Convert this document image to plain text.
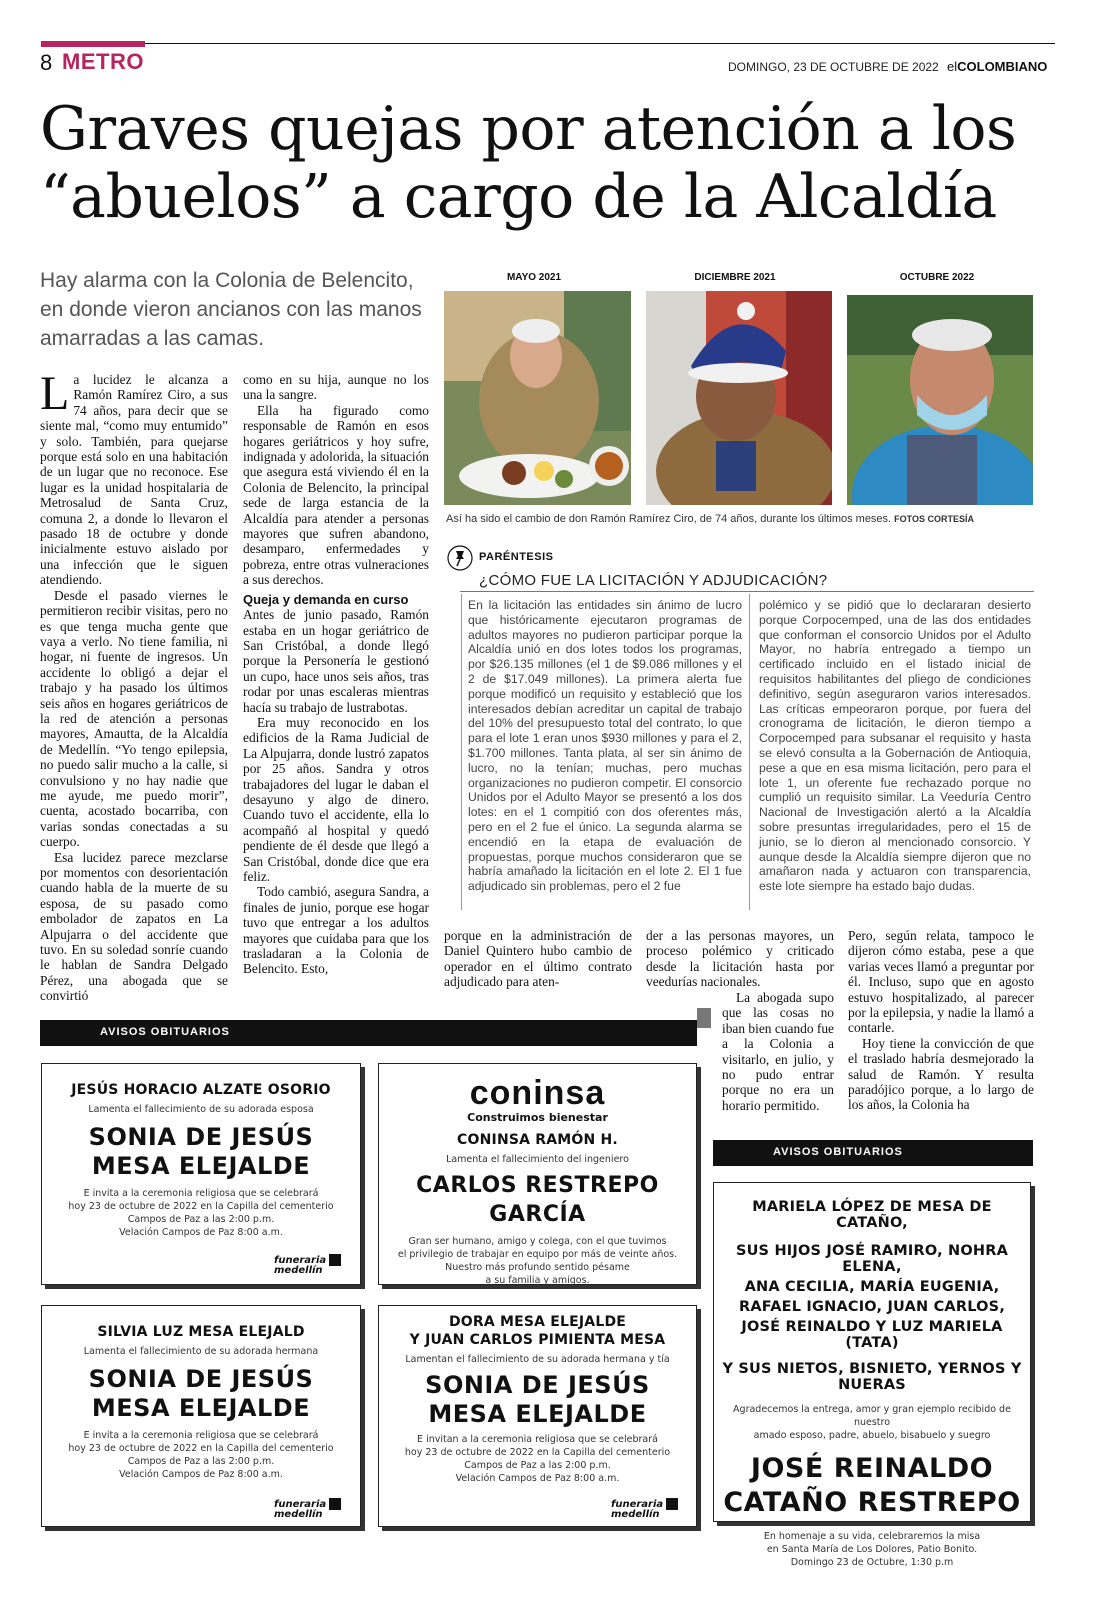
8 METRO	DOMINGO, 23 DE OCTUBRE DE 2022 elCOLOMBIANO
Graves quejas por atención a los “abuelos” a cargo de la Alcaldía
Hay alarma con la Colonia de Belencito, en donde vieron ancianos con las manos amarradas a las camas.

La lucidez le alcanza a Ramón Ramírez Ciro, a sus 74 años, para decir que se siente mal, “como muy entumido” y solo. También, para quejarse porque está solo en una habitación de un lugar que no reconoce. Ese lugar es la unidad hospitalaria de Metrosalud de Santa Cruz, comuna 2, a donde lo llevaron el pasado 18 de octubre y donde inicialmente estuvo aislado por una infección que le siguen atendiendo.

Desde el pasado viernes le permitieron recibir visitas, pero no es que tenga mucha gente que vaya a verlo. No tiene familia, ni hogar, ni fuente de ingresos. Un accidente lo obligó a dejar el trabajo y ha pasado los últimos seis años en hogares geriátricos de la red de atención a personas mayores, Amautta, de la Alcaldía de Medellín. “Yo tengo epilepsia, no puedo salir mucho a la calle, si convulsiono y no hay nadie que me ayude, me puedo morir”, cuenta, acostado bocarriba, con varias sondas conectadas a su cuerpo.

Esa lucidez parece mezclarse por momentos con desorientación cuando habla de la muerte de su esposa, de su pasado como embolador de zapatos en La Alpujarra o del accidente que tuvo. En su soledad sonríe cuando le hablan de Sandra Delgado Pérez, una abogada que se convirtió

como en su hija, aunque no los una la sangre.

Ella ha figurado como responsable de Ramón en esos hogares geriátricos y hoy sufre, indignada y adolorida, la situación que asegura está viviendo él en la Colonia de Belencito, la principal sede de larga estancia de la Alcaldía para atender a personas mayores que sufren abandono, desamparo, enfermedades y pobreza, entre otras vulneraciones a sus derechos.

Queja y demanda en curso

Antes de junio pasado, Ramón estaba en un hogar geriátrico de San Cristóbal, a donde llegó porque la Personería le gestionó un cupo, hace unos seis años, tras rodar por unas escaleras mientras hacía su trabajo de lustrabotas.

Era muy reconocido en los edificios de la Rama Judicial de La Alpujarra, donde lustró zapatos por 25 años. Sandra y otros trabajadores del lugar le daban el desayuno y algo de dinero. Cuando tuvo el accidente, ella lo acompañó al hospital y quedó pendiente de él desde que llegó a San Cristóbal, donde dice que era feliz.

Todo cambió, asegura Sandra, a finales de junio, porque ese hogar tuvo que entregar a los adultos mayores que cuidaba para que los trasladaran a la Colonia de Belencito. Esto,

MAYO 2021	DICIEMBRE 2021	OCTUBRE 2022
Así ha sido el cambio de don Ramón Ramírez Ciro, de 74 años, durante los últimos meses. FOTOS CORTESÍA
PARÉNTESIS
¿CÓMO FUE LA LICITACIÓN Y ADJUDICACIÓN?
En la licitación las entidades sin ánimo de lucro que históricamente ejecutaron programas de adultos mayores no pudieron participar porque la Alcaldía unió en dos lotes todos los programas, por $26.135 millones (el 1 de $9.086 millones y el 2 de $17.049 millones). La primera alerta fue porque modificó un requisito y estableció que los interesados debían acreditar un capital de trabajo del 10% del presupuesto total del contrato, lo que para el lote 1 eran unos $930 millones y para el 2, $1.700 millones. Tanta plata, al ser sin ánimo de lucro, no la tenían; muchas, pero muchas organizaciones no pudieron competir. El consorcio Unidos por el Adulto Mayor se presentó a los dos lotes: en el 1 compitió con dos oferentes más, pero en el 2 fue el único. La segunda alarma se encendió en la etapa de evaluación de propuestas, porque muchos consideraron que se habría amañado la licitación en el lote 2. El 1 fue adjudicado sin problemas, pero el 2 fue
polémico y se pidió que lo declararan desierto porque Corpocemped, una de las dos entidades que conforman el consorcio Unidos por el Adulto Mayor, no habría entregado a tiempo un certificado incluido en el listado inicial de requisitos habilitantes del pliego de condiciones definitivo, según aseguraron varios interesados. Las críticas empeoraron porque, por fuera del cronograma de licitación, le dieron tiempo a Corpocemped para subsanar el requisito y hasta se elevó consulta a la Gobernación de Antioquia, pese a que en esa misma licitación, pero para el lote 1, un oferente fue rechazado porque no cumplió un requisito similar. La Veeduría Centro Nacional de Investigación alertó a la Alcaldía sobre presuntas irregularidades, pero el 15 de junio, se lo dieron al mencionado consorcio. Y aunque desde la Alcaldía siempre dijeron que no amañaron nada y actuaron con transparencia, este lote siempre ha estado bajo dudas.

porque en la administración de Daniel Quintero hubo cambio de operador en el último contrato adjudicado para aten-

der a las personas mayores, un proceso polémico y criticado desde la licitación hasta por veedurías nacionales.

La abogada supo que las cosas no iban bien cuando fue a la Colonia a visitarlo, en julio, y no pudo entrar porque no era un horario permitido.

Pero, según relata, tampoco le dijeron cómo estaba, pese a que varias veces llamó a preguntar por él. Incluso, supo que en agosto estuvo hospitalizado, al parecer por la epilepsia, y nadie la llamó a contarle.

Hoy tiene la convicción de que el traslado habría desmejorado la salud de Ramón. Y resulta paradójico porque, a lo largo de los años, la Colonia ha

AVISOS OBITUARIOS
JESÚS HORACIO ALZATE OSORIO
Lamenta el fallecimiento de su adorada esposa
SONIA DE JESÚS
MESA ELEJALDE
E invita a la ceremonia religiosa que se celebrará
hoy 23 de octubre de 2022 en la Capilla del cementerio
Campos de Paz a las 2:00 p.m.
Velación Campos de Paz 8:00 a.m.
funeraria
medellín
coninsa
Construimos bienestar
CONINSA RAMÓN H.
Lamenta el fallecimiento del ingeniero
CARLOS RESTREPO GARCÍA
Gran ser humano, amigo y colega, con el que tuvimos
el privilegio de trabajar en equipo por más de veinte años.
Nuestro más profundo sentido pésame
a su familia y amigos.
SILVIA LUZ MESA ELEJALD
Lamenta el fallecimiento de su adorada hermana
SONIA DE JESÚS
MESA ELEJALDE
E invita a la ceremonia religiosa que se celebrará
hoy 23 de octubre de 2022 en la Capilla del cementerio
Campos de Paz a las 2:00 p.m.
Velación Campos de Paz 8:00 a.m.
funeraria
medellín
DORA MESA ELEJALDE
Y JUAN CARLOS PIMIENTA MESA
Lamentan el fallecimiento de su adorada hermana y tía
SONIA DE JESÚS
MESA ELEJALDE
E invitan a la ceremonia religiosa que se celebrará
hoy 23 de octubre de 2022 en la Capilla del cementerio
Campos de Paz a las 2:00 p.m.
Velación Campos de Paz 8:00 a.m.
funeraria
medellín
AVISOS OBITUARIOS
MARIELA LÓPEZ DE MESA DE CATAÑO,
SUS HIJOS JOSÉ RAMIRO, NOHRA ELENA,
ANA CECILIA, MARÍA EUGENIA,
RAFAEL IGNACIO, JUAN CARLOS,
JOSÉ REINALDO Y LUZ MARIELA (TATA)
Y SUS NIETOS, BISNIETO, YERNOS Y NUERAS
Agradecemos la entrega, amor y gran ejemplo recibido de nuestro
amado esposo, padre, abuelo, bisabuelo y suegro
JOSÉ REINALDO
CATAÑO RESTREPO
En homenaje a su vida, celebraremos la misa
en Santa María de Los Dolores, Patio Bonito.
Domingo 23 de Octubre, 1:30 p.m
